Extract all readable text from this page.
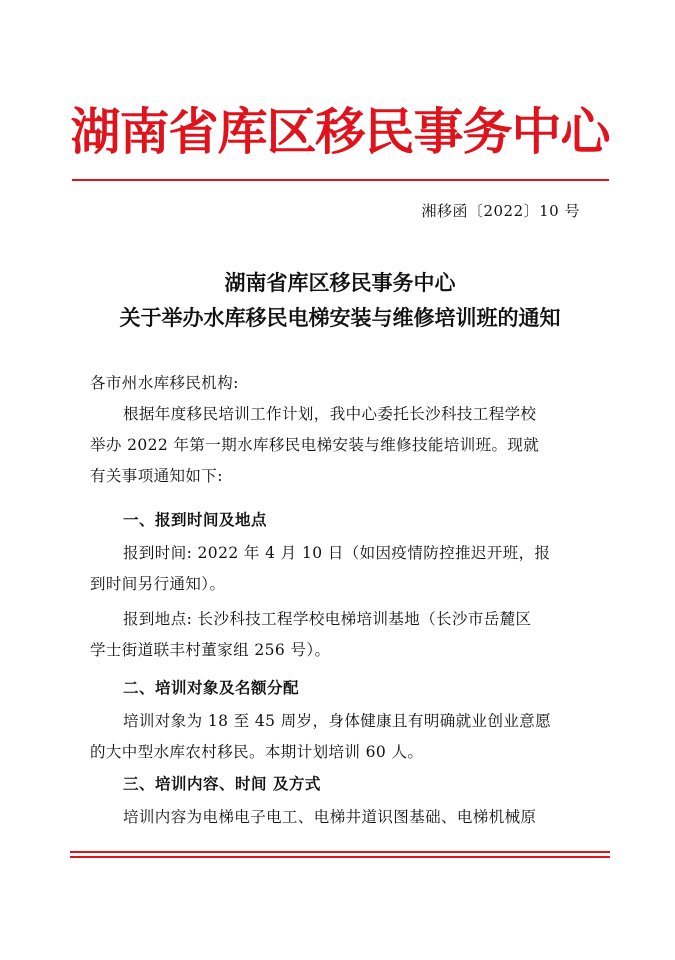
湖南省库区移民事务中心
湘移函〔2022〕10 号
湖南省库区移民事务中心
关于举办水库移民电梯安装与维修培训班的通知
各市州水库移民机构:
根据年度移民培训工作计划，我中心委托长沙科技工程学校
举办 2022 年第一期水库移民电梯安装与维修技能培训班。现就
有关事项通知如下:
一、报到时间及地点
报到时间: 2022 年 4 月 10 日（如因疫情防控推迟开班，报
到时间另行通知）。
报到地点: 长沙科技工程学校电梯培训基地（长沙市岳麓区
学士街道联丰村董家组 256 号）。
二、培训对象及名额分配
培训对象为 18 至 45 周岁，身体健康且有明确就业创业意愿
的大中型水库农村移民。本期计划培训 60 人。
三、培训内容、时间 及方式
培训内容为电梯电子电工、电梯井道识图基础、电梯机械原
